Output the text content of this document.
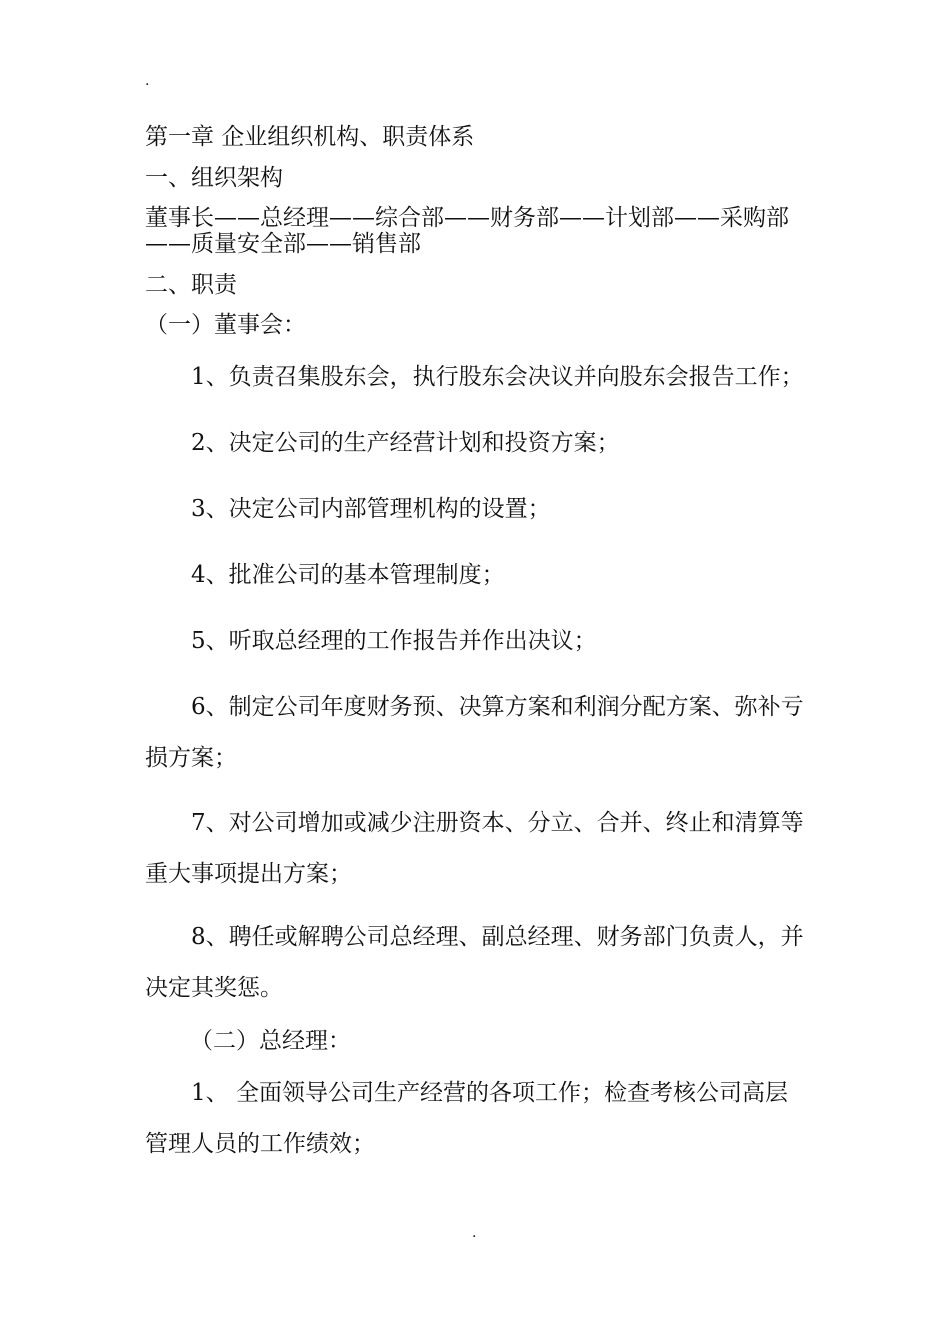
.
第一章 企业组织机构、职责体系
一、组织架构
董事长——总经理——综合部——财务部——计划部——采购部——质量安全部——销售部
二、职责
（一）董事会：
1、负责召集股东会，执行股东会决议并向股东会报告工作；
2、决定公司的生产经营计划和投资方案；
3、决定公司内部管理机构的设置；
4、批准公司的基本管理制度；
5、听取总经理的工作报告并作出决议；
6、制定公司年度财务预、决算方案和利润分配方案、弥补亏损方案；
7、对公司增加或减少注册资本、分立、合并、终止和清算等重大事项提出方案；
8、聘任或解聘公司总经理、副总经理、财务部门负责人，并决定其奖惩。
（二）总经理：
1、 全面领导公司生产经营的各项工作；检查考核公司高层管理人员的工作绩效；
.
